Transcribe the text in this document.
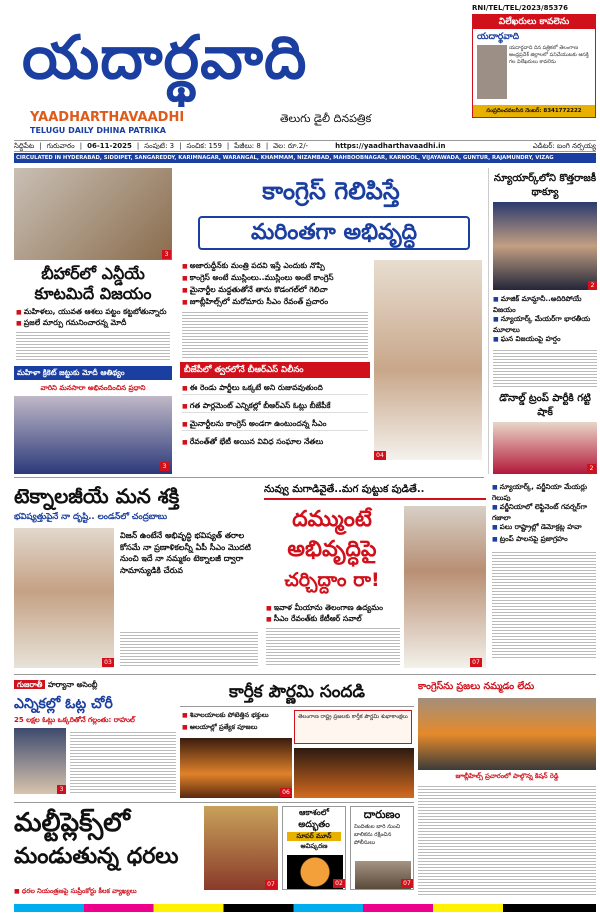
యదార్థవాది
YAADHARTHAVAADHI
TELUGU DAILY DHINA PATRIKA
తెలుగు డైలీ దినపత్రిక
RNI/TEL/TEL/2023/85376
విలేఖరులు కావలెను
యదార్థవాది
యదార్థవాది దిన పత్రికలో తెలంగాణ ఆంధ్రప్రదేశ్ జిల్లాలలో పనిచేయుటకు ఆసక్తి గల విలేఖరులు కావలెను
సంప్రదించవలసిన నెంబర్: 8341772222
సిద్దిపేట | గురువారం | 06-11-2025 | సంపుటి: 3 | సంచిక: 159 | పేజీలు: 8 | వెల: రూ.2/-	https://yaadharthavaadhi.in	ఎడిటర్: బంగి నర్సయ్య
CIRCULATED IN HYDERABAD, SIDDIPET, SANGAREDDY, KARIMNAGAR, WARANGAL, KHAMMAM, NIZAMBAD, MAHBOOBNAGAR, KARNOOL, VIJAYAWADA, GUNTUR, RAJAMUNDRY, VIZAG
3
బీహార్‌లో ఎన్డీయే కూటమిదే విజయం
■ మహిళలు, యువత ఆశలు పట్టం కట్టబోతున్నారు
■ ప్రజలే మార్పు గమనించారన్న మోదీ
మహిళా క్రికెట్ జట్టుకు మోదీ ఆతిథ్యం
వారిని మనసారా అభినందించిన ప్రధాని
3
కాంగ్రెస్ గెలిపిస్తే
మరింతగా అభివృద్ధి
■ అజారుద్దీన్‌కు మంత్రి పదవి ఇస్తే ఎందుకు నొప్పి
■ కాంగ్రెస్ అంటే ముస్లింలు..ముస్లింలు అంటే కాంగ్రెస్
■ మైనార్టీల మద్దతుతోనే తాను కొడంగల్‌లో గెలిచా
■ జూబ్లీహిల్స్‌లో మరోమారు సీఎం రేవంత్ ప్రచారం
04
బీజేపీలో త్వరలోనే బీఆర్ఎస్ విలీనం
■ ఈ రెండు పార్టీలు ఒక్కటే అని రుజువవుతుంది
■ గత పార్లమెంట్ ఎన్నికల్లో బీఆర్ఎస్ ఓట్లు బీజేపీకే
■ మైనార్టీలను కాంగ్రెస్ అండగా ఉంటుందన్న సీఎం
■ రేవంత్‌తో భేటీ అయిన వివిధ సంఘాల నేతలు
న్యూయార్క్‌లోని కొత్తరాజకీ థాక్యూ
2
■ మాజిక్ మామ్దానీ..అదిరిపోయే విజయం
■ న్యూయార్క్ మేయర్‌గా భారతీయ మూలాలు
■ ఘన విజయంపై హర్షం
డొనాల్డ్ ట్రంప్ పార్టీకి గట్టి షాక్
2
■ న్యూయార్క్, వర్జీనియా మేయర్లు గెలుపు
■ వర్జీనియాలో లెఫ్టినెంట్ గవర్నర్‌గా గజాలా
■ పలు రాష్ట్రాల్లో డెమోక్రట్ల హవా
■ ట్రంప్ పాలనపై ప్రజాగ్రహం
టెక్నాలజీయే మన శక్తి
భవిష్యత్తుపైనే నా దృష్టి.. లండన్‌లో చంద్రబాబు
03
విజన్ ఉంటేనే అభివృద్ధి భవిష్యత్ తరాల కోసమే నా ప్రణాళికలన్నీ ఏపీ సీఎం మొదటి నుంచి ఇదే నా నమ్మకం టెక్నాలజీ ద్వారా సామాన్యుడికి చేరువ
నువ్వు మగాడివైతే..మగ పుట్టుక పుడితే..
దమ్ముంటే
అభివృద్ధిపై
చర్చిద్దాం రా!
■ ఇవాళ మీయాను తెలంగాణ ఉద్యమం
■ సీఎం రేవంత్‌కు కేటీఆర్ సవాల్
07
గుజరాతీ హర్యానా అసెంబ్లీ
ఎన్నికల్లో ఓట్ల చోరీ
25 లక్షల ఓట్లు ఒక్కరితోనే గల్లంతు: రాహుల్
3
కార్తీక పౌర్ణమి సందడి
■ శివాలయాలకు పోటెత్తిన భక్తులు
■ ఆలయాల్లో ప్రత్యేక పూజలు
తెలంగాణ రాష్ట్ర ప్రజలకు కార్తీక పౌర్ణమి శుభాకాంక్షలు
06
కాంగ్రెస్‌ను ప్రజలు నమ్మడం లేదు
జూబ్లీహిల్స్ ప్రచారంలో పాల్గొన్న కిషన్ రెడ్డి
మల్టీప్లెక్స్‌లో
మండుతున్న ధరలు
■ ధరల నియంత్రణపై సుప్రీంకోర్టు కీలక వ్యాఖ్యలు
07
ఆకాశంలో
అద్భుతం
సూపర్ మూన్
ఆవిష్కరణ
02
దారుణం
నిందితుల బారి నుంచి బాలికను రక్షించిన పోలీసులు
07
